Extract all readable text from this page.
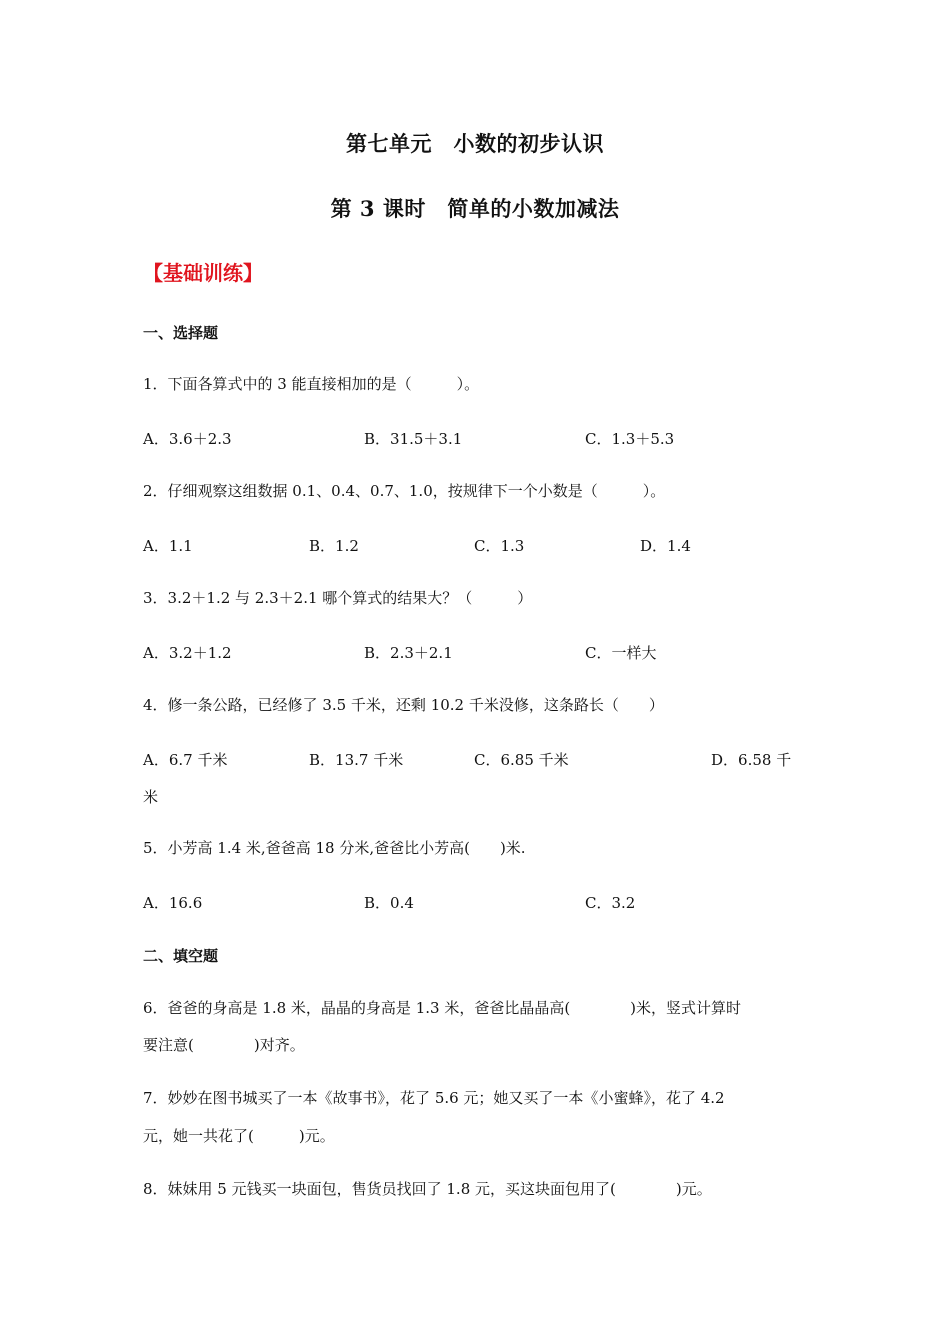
第七单元　小数的初步认识
第 3 课时　简单的小数加减法
【基础训练】
一、选择题
1．下面各算式中的 3 能直接相加的是（　　　）。
A．3.6＋2.3	B．31.5＋3.1	C．1.3＋5.3
2．仔细观察这组数据 0.1、0.4、0.7、1.0，按规律下一个小数是（　　　）。
A．1.1	B．1.2	C．1.3	D．1.4
3．3.2＋1.2 与 2.3＋2.1 哪个算式的结果大？（　　　）
A．3.2＋1.2	B．2.3＋2.1	C．一样大
4．修一条公路，已经修了 3.5 千米，还剩 10.2 千米没修，这条路长（　　）
A．6.7 千米	B．13.7 千米	C．6.85 千米	D．6.58 千
米
5．小芳高 1.4 米,爸爸高 18 分米,爸爸比小芳高(　　)米.
A．16.6	B．0.4	C．3.2
二、填空题
6．爸爸的身高是 1.8 米，晶晶的身高是 1.3 米，爸爸比晶晶高(　　　　)米，竖式计算时
要注意(　　　　)对齐。
7．妙妙在图书城买了一本《故事书》，花了 5.6 元；她又买了一本《小蜜蜂》，花了 4.2
元，她一共花了(　　　)元。
8．妹妹用 5 元钱买一块面包，售货员找回了 1.8 元，买这块面包用了(　　　　)元。
